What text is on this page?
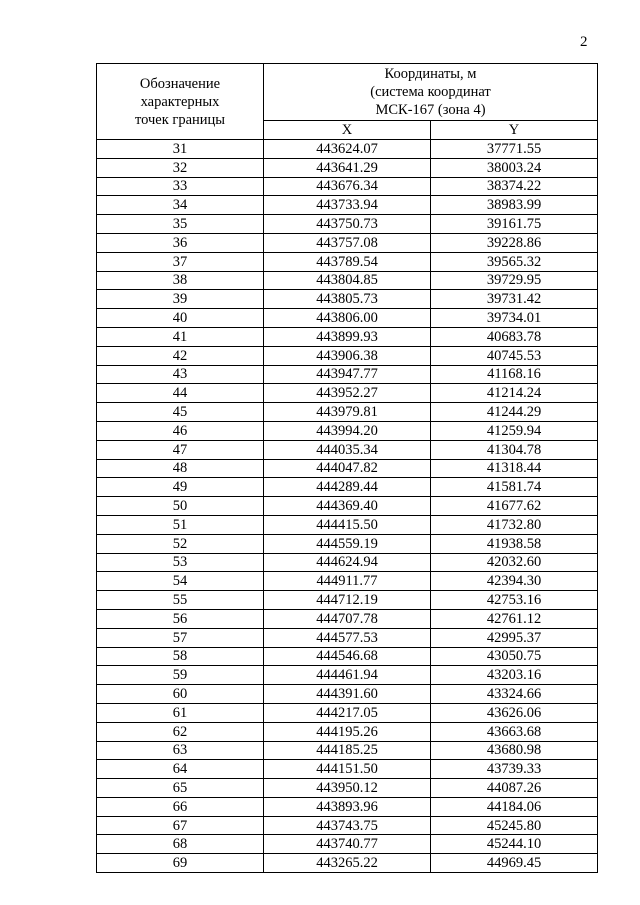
2
Обозначение
характерных
точек границы	Координаты, м
(система координат
МСК-167 (зона 4)	

	X	Y
31	443624.07	37771.55
32	443641.29	38003.24
33	443676.34	38374.22
34	443733.94	38983.99
35	443750.73	39161.75
36	443757.08	39228.86
37	443789.54	39565.32
38	443804.85	39729.95
39	443805.73	39731.42
40	443806.00	39734.01
41	443899.93	40683.78
42	443906.38	40745.53
43	443947.77	41168.16
44	443952.27	41214.24
45	443979.81	41244.29
46	443994.20	41259.94
47	444035.34	41304.78
48	444047.82	41318.44
49	444289.44	41581.74
50	444369.40	41677.62
51	444415.50	41732.80
52	444559.19	41938.58
53	444624.94	42032.60
54	444911.77	42394.30
55	444712.19	42753.16
56	444707.78	42761.12
57	444577.53	42995.37
58	444546.68	43050.75
59	444461.94	43203.16
60	444391.60	43324.66
61	444217.05	43626.06
62	444195.26	43663.68
63	444185.25	43680.98
64	444151.50	43739.33
65	443950.12	44087.26
66	443893.96	44184.06
67	443743.75	45245.80
68	443740.77	45244.10
69	443265.22	44969.45
